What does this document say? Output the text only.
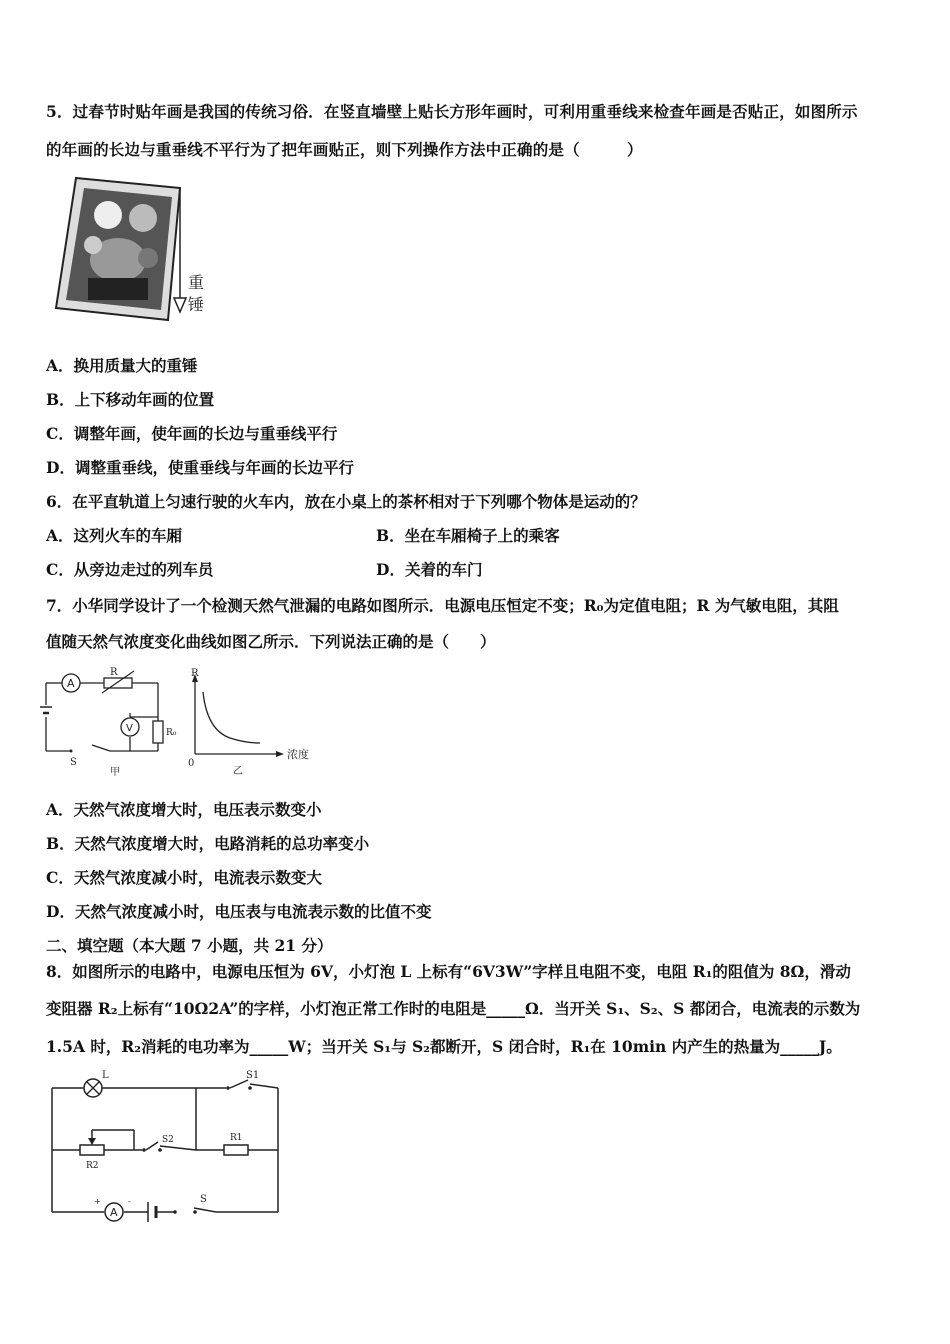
5．过春节时贴年画是我国的传统习俗．在竖直墙壁上贴长方形年画时，可利用重垂线来检查年画是否贴正，如图所示
的年画的长边与重垂线不平行为了把年画贴正，则下列操作方法中正确的是（　　　）
重
锤
A．换用质量大的重锤
B．上下移动年画的位置
C．调整年画，使年画的长边与重垂线平行
D．调整重垂线，使重垂线与年画的长边平行
6．在平直轨道上匀速行驶的火车内，放在小桌上的茶杯相对于下列哪个物体是运动的？
A．这列火车的车厢	B．坐在车厢椅子上的乘客
C．从旁边走过的列车员	D．关着的车门
7．小华同学设计了一个检测天然气泄漏的电路如图所示．电源电压恒定不变；R₀为定值电阻；R 为气敏电阻，其阻
值随天然气浓度变化曲线如图乙所示．下列说法正确的是（　　）
A
R
V	R₀
S
甲
R
0
浓度
乙
A．天然气浓度增大时，电压表示数变小
B．天然气浓度增大时，电路消耗的总功率变小
C．天然气浓度减小时，电流表示数变大
D．天然气浓度减小时，电压表与电流表示数的比值不变
二、填空题（本大题 7 小题，共 21 分）
8．如图所示的电路中，电源电压恒为 6V，小灯泡 L 上标有“6V3W”字样且电阻不变，电阻 R₁的阻值为 8Ω，滑动
变阻器 R₂上标有“10Ω2A”的字样，小灯泡正常工作时的电阻是_____Ω．当开关 S₁、S₂、S 都闭合，电流表的示数为
1.5A 时，R₂消耗的电功率为_____W；当开关 S₁与 S₂都断开，S 闭合时，R₁在 10min 内产生的热量为_____J。
L	S1
R2
S2	R1
A
+	-	S
